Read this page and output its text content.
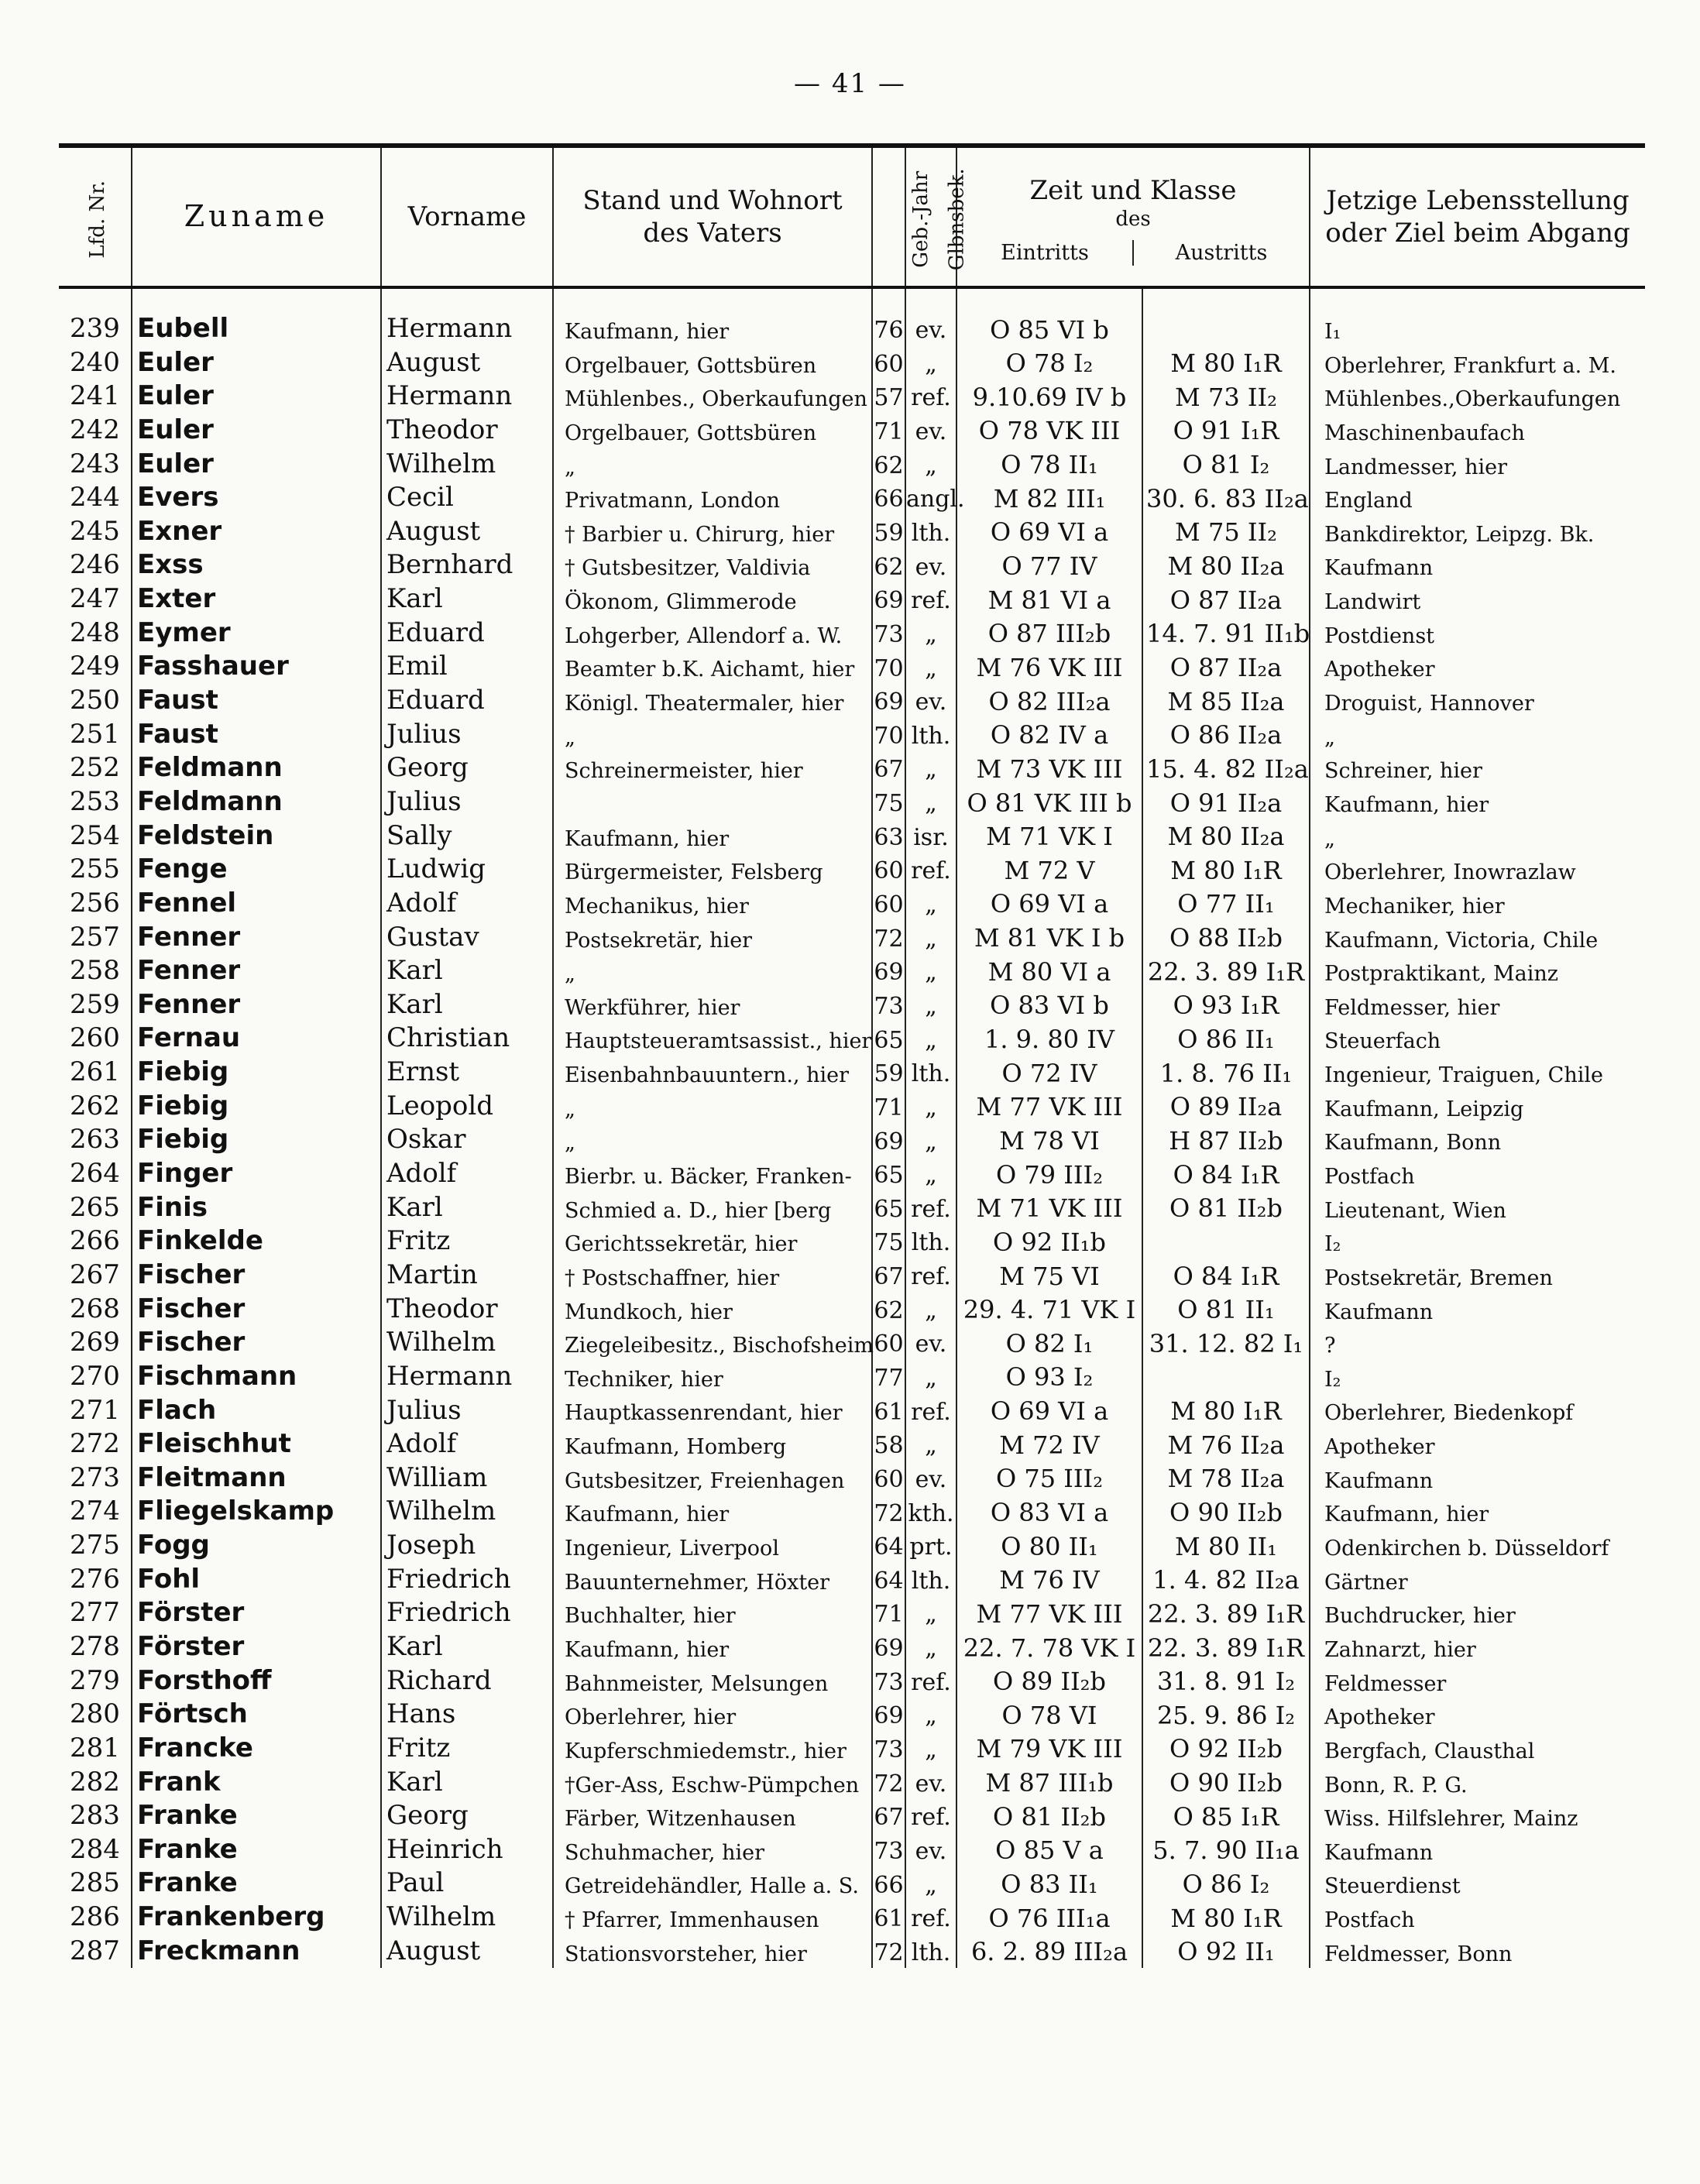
— 41 —
Lfd. Nr.	Zuname	Vorname	Stand und Wohnort
des Vaters	Geb.-Jahr	Glbnsbek.	Zeit und Klasse
des
Eintritts Austritts		Jetzige Lebensstellung
oder Ziel beim Abgang
239	Eubell	Hermann	Kaufmann, hier	76	ev.	O 85 VI b		I₁
240	Euler	August	Orgelbauer, Gottsbüren	60	„	O 78 I₂	M 80 I₁R	Oberlehrer, Frankfurt a. M.
241	Euler	Hermann	Mühlenbes., Oberkaufungen	57	ref.	9.10.69 IV b	M 73 II₂	Mühlenbes.,Oberkaufungen
242	Euler	Theodor	Orgelbauer, Gottsbüren	71	ev.	O 78 VK III	O 91 I₁R	Maschinenbaufach
243	Euler	Wilhelm	„	62	„	O 78 II₁	O 81 I₂	Landmesser, hier
244	Evers	Cecil	Privatmann, London	66	angl.	M 82 III₁	30. 6. 83 II₂a	England
245	Exner	August	† Barbier u. Chirurg, hier	59	lth.	O 69 VI a	M 75 II₂	Bankdirektor, Leipzg. Bk.
246	Exss	Bernhard	† Gutsbesitzer, Valdivia	62	ev.	O 77 IV	M 80 II₂a	Kaufmann
247	Exter	Karl	Ökonom, Glimmerode	69	ref.	M 81 VI a	O 87 II₂a	Landwirt
248	Eymer	Eduard	Lohgerber, Allendorf a. W.	73	„	O 87 III₂b	14. 7. 91 II₁b	Postdienst
249	Fasshauer	Emil	Beamter b.K. Aichamt, hier	70	„	M 76 VK III	O 87 II₂a	Apotheker
250	Faust	Eduard	Königl. Theatermaler, hier	69	ev.	O 82 III₂a	M 85 II₂a	Droguist, Hannover
251	Faust	Julius	„	70	lth.	O 82 IV a	O 86 II₂a	„
252	Feldmann	Georg	Schreinermeister, hier	67	„	M 73 VK III	15. 4. 82 II₂a	Schreiner, hier
253	Feldmann	Julius		75	„	O 81 VK III b	O 91 II₂a	Kaufmann, hier
254	Feldstein	Sally	Kaufmann, hier	63	isr.	M 71 VK I	M 80 II₂a	„
255	Fenge	Ludwig	Bürgermeister, Felsberg	60	ref.	M 72 V	M 80 I₁R	Oberlehrer, Inowrazlaw
256	Fennel	Adolf	Mechanikus, hier	60	„	O 69 VI a	O 77 II₁	Mechaniker, hier
257	Fenner	Gustav	Postsekretär, hier	72	„	M 81 VK I b	O 88 II₂b	Kaufmann, Victoria, Chile
258	Fenner	Karl	„	69	„	M 80 VI a	22. 3. 89 I₁R	Postpraktikant, Mainz
259	Fenner	Karl	Werkführer, hier	73	„	O 83 VI b	O 93 I₁R	Feldmesser, hier
260	Fernau	Christian	Hauptsteueramtsassist., hier	65	„	1. 9. 80 IV	O 86 II₁	Steuerfach
261	Fiebig	Ernst	Eisenbahnbauuntern., hier	59	lth.	O 72 IV	1. 8. 76 II₁	Ingenieur, Traiguen, Chile
262	Fiebig	Leopold	„	71	„	M 77 VK III	O 89 II₂a	Kaufmann, Leipzig
263	Fiebig	Oskar	„	69	„	M 78 VI	H 87 II₂b	Kaufmann, Bonn
264	Finger	Adolf	Bierbr. u. Bäcker, Franken-	65	„	O 79 III₂	O 84 I₁R	Postfach
265	Finis	Karl	Schmied a. D., hier [berg	65	ref.	M 71 VK III	O 81 II₂b	Lieutenant, Wien
266	Finkelde	Fritz	Gerichtssekretär, hier	75	lth.	O 92 II₁b		I₂
267	Fischer	Martin	† Postschaffner, hier	67	ref.	M 75 VI	O 84 I₁R	Postsekretär, Bremen
268	Fischer	Theodor	Mundkoch, hier	62	„	29. 4. 71 VK I	O 81 II₁	Kaufmann
269	Fischer	Wilhelm	Ziegeleibesitz., Bischofsheim	60	ev.	O 82 I₁	31. 12. 82 I₁	?
270	Fischmann	Hermann	Techniker, hier	77	„	O 93 I₂		I₂
271	Flach	Julius	Hauptkassenrendant, hier	61	ref.	O 69 VI a	M 80 I₁R	Oberlehrer, Biedenkopf
272	Fleischhut	Adolf	Kaufmann, Homberg	58	„	M 72 IV	M 76 II₂a	Apotheker
273	Fleitmann	William	Gutsbesitzer, Freienhagen	60	ev.	O 75 III₂	M 78 II₂a	Kaufmann
274	Fliegelskamp	Wilhelm	Kaufmann, hier	72	kth.	O 83 VI a	O 90 II₂b	Kaufmann, hier
275	Fogg	Joseph	Ingenieur, Liverpool	64	prt.	O 80 II₁	M 80 II₁	Odenkirchen b. Düsseldorf
276	Fohl	Friedrich	Bauunternehmer, Höxter	64	lth.	M 76 IV	1. 4. 82 II₂a	Gärtner
277	Förster	Friedrich	Buchhalter, hier	71	„	M 77 VK III	22. 3. 89 I₁R	Buchdrucker, hier
278	Förster	Karl	Kaufmann, hier	69	„	22. 7. 78 VK I	22. 3. 89 I₁R	Zahnarzt, hier
279	Forsthoff	Richard	Bahnmeister, Melsungen	73	ref.	O 89 II₂b	31. 8. 91 I₂	Feldmesser
280	Förtsch	Hans	Oberlehrer, hier	69	„	O 78 VI	25. 9. 86 I₂	Apotheker
281	Francke	Fritz	Kupferschmiedemstr., hier	73	„	M 79 VK III	O 92 II₂b	Bergfach, Clausthal
282	Frank	Karl	†Ger-Ass, Eschw-Pümpchen	72	ev.	M 87 III₁b	O 90 II₂b	Bonn, R. P. G.
283	Franke	Georg	Färber, Witzenhausen	67	ref.	O 81 II₂b	O 85 I₁R	Wiss. Hilfslehrer, Mainz
284	Franke	Heinrich	Schuhmacher, hier	73	ev.	O 85 V a	5. 7. 90 II₁a	Kaufmann
285	Franke	Paul	Getreidehändler, Halle a. S.	66	„	O 83 II₁	O 86 I₂	Steuerdienst
286	Frankenberg	Wilhelm	† Pfarrer, Immenhausen	61	ref.	O 76 III₁a	M 80 I₁R	Postfach
287	Freckmann	August	Stationsvorsteher, hier	72	lth.	6. 2. 89 III₂a	O 92 II₁	Feldmesser, Bonn
